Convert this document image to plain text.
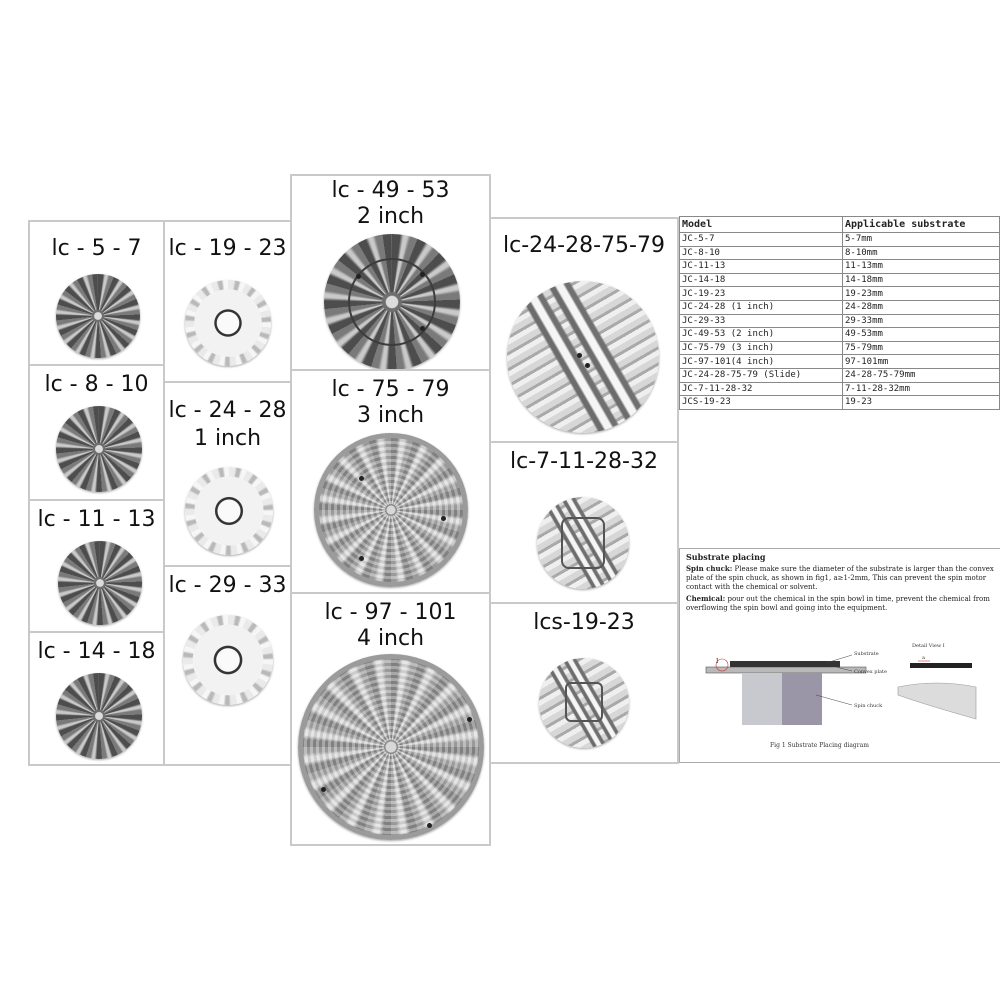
lc - 5 - 7
lc - 8 - 10
lc - 11 - 13
lc - 14 - 18
lc - 19 - 23
lc - 24 - 28
1 inch
lc - 29 - 33
lc - 49 - 53
2 inch
lc - 75 - 79
3 inch
lc - 97 - 101
4 inch
lc-24-28-75-79
lc-7-11-28-32
lcs-19-23
Model	Applicable substrate
JC-5-7	5-7mm
JC-8-10	8-10mm
JC-11-13	11-13mm
JC-14-18	14-18mm
JC-19-23	19-23mm
JC-24-28 (1 inch)	24-28mm
JC-29-33	29-33mm
JC-49-53 (2 inch)	49-53mm
JC-75-79 (3 inch)	75-79mm
JC-97-101(4 inch)	97-101mm
JC-24-28-75-79 (Slide)	24-28-75-79mm
JC-7-11-28-32	7-11-28-32mm
JCS-19-23	19-23
Substrate placing
Spin chuck: Please make sure the diameter of the substrate is larger than the convex plate of the spin chuck, as shown in fig1, a≥1-2mm, This can prevent the spin motor contact with the chemical or solvent.
Chemical: pour out the chemical in the spin bowl in time, prevent the chemical from overflowing the spin bowl and going into the equipment.
I
Substrate
Convex plate
Spin chuck
Detail View I
a
Fig 1 Substrate Placing diagram
